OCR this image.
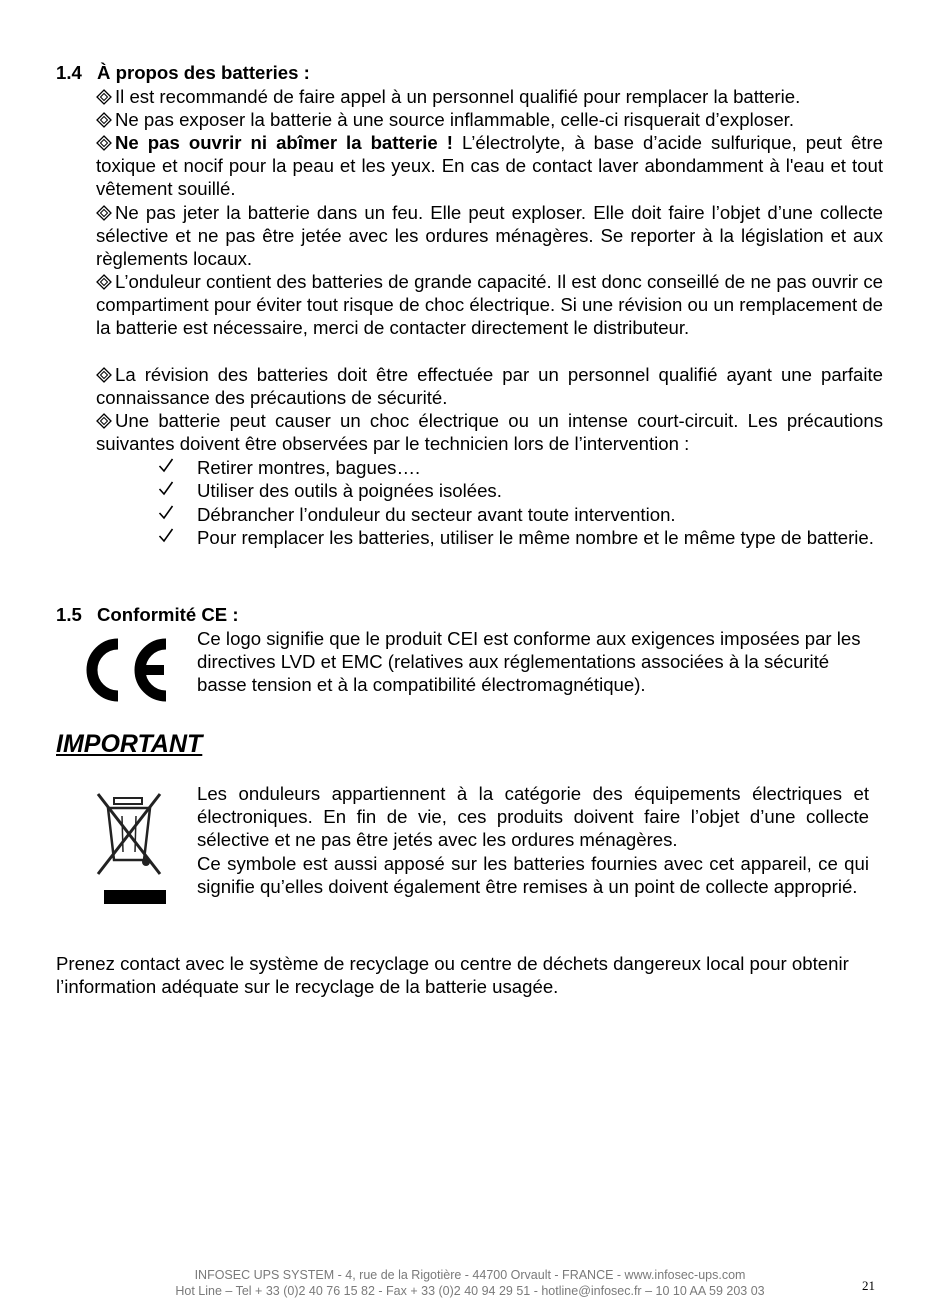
1.4 À propos des batteries :
Il est recommandé de faire appel à un personnel qualifié pour remplacer la batterie.
Ne pas exposer la batterie à une source inflammable, celle-ci risquerait d’exploser.
Ne pas ouvrir ni abîmer la batterie ! L’électrolyte, à base d’acide sulfurique, peut être toxique et nocif pour la peau et les yeux. En cas de contact laver abondamment à l'eau et tout vêtement souillé.
Ne pas jeter la batterie dans un feu. Elle peut exploser. Elle doit faire l’objet d’une collecte sélective et ne pas être jetée avec les ordures ménagères. Se reporter à la législation et aux règlements locaux.
L’onduleur contient des batteries de grande capacité. Il est donc conseillé de ne pas ouvrir ce compartiment pour éviter tout risque de choc électrique. Si une révision ou un remplacement de la batterie est nécessaire, merci de contacter directement le distributeur.
La révision des batteries doit être effectuée par un personnel qualifié ayant une parfaite connaissance des précautions de sécurité.
Une batterie peut causer un choc électrique ou un intense court-circuit. Les précautions suivantes doivent être observées par le technicien lors de l’intervention :
Retirer montres, bagues….
Utiliser des outils à poignées isolées.
Débrancher l’onduleur du secteur avant toute intervention.
Pour remplacer les batteries, utiliser le même nombre et le même type de batterie.
1.5 Conformité CE :
Ce logo signifie que le produit CEI est conforme aux exigences imposées par les directives LVD et EMC (relatives aux réglementations associées à la sécurité basse tension et à la compatibilité électromagnétique).
IMPORTANT
Les onduleurs appartiennent à la catégorie des équipements électriques et électroniques. En fin de vie, ces produits doivent faire l’objet d’une collecte sélective et ne pas être jetés avec les ordures ménagères.
Ce symbole est aussi apposé sur les batteries fournies avec cet appareil, ce qui signifie qu’elles doivent également être remises à un point de collecte approprié.
Prenez contact avec le système de recyclage ou centre de déchets dangereux local pour obtenir l’information adéquate sur le recyclage de la batterie usagée.
INFOSEC UPS SYSTEM - 4, rue de la Rigotière - 44700 Orvault - FRANCE - www.infosec-ups.com
Hot Line – Tel + 33 (0)2 40 76 15 82 - Fax + 33 (0)2 40 94 29 51 - hotline@infosec.fr – 10 10 AA 59 203 03	21
